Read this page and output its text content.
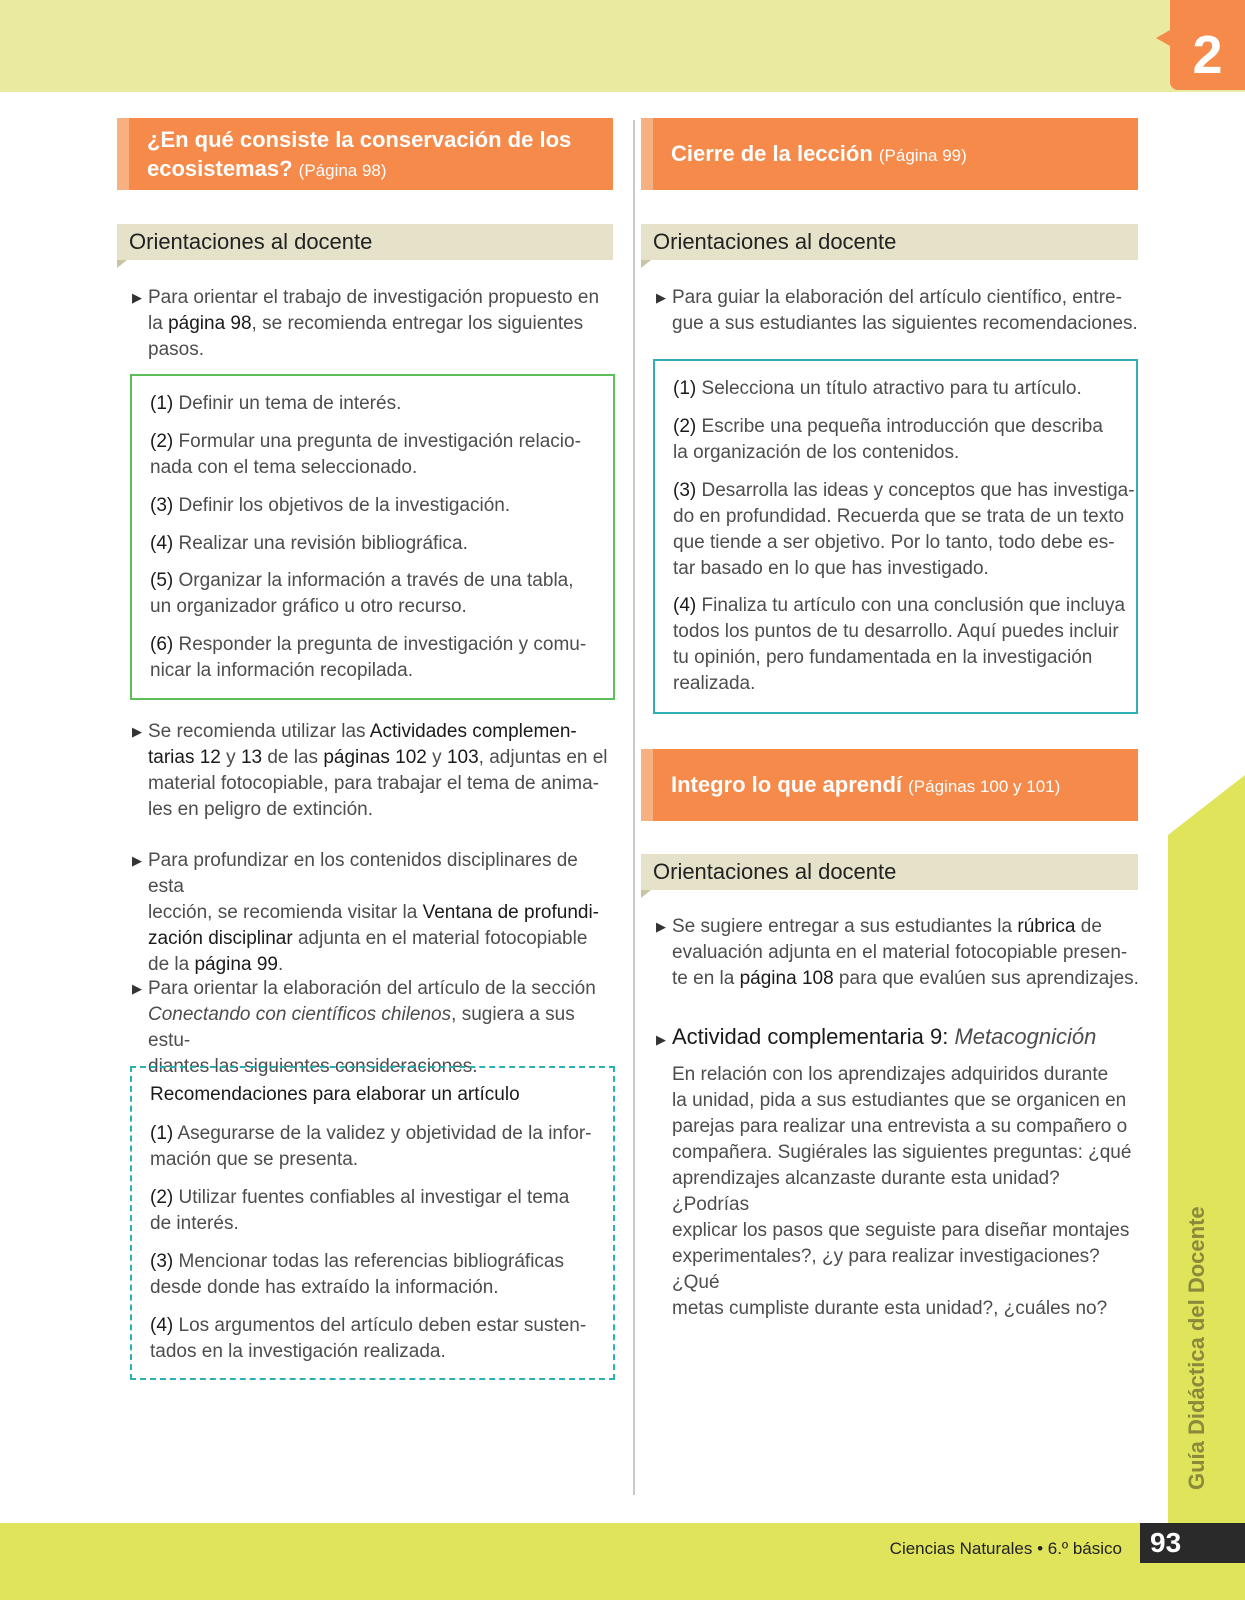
2
¿En qué consiste la conservación de los
ecosistemas? (Página 98)
Orientaciones al docente
▶ Para orientar el trabajo de investigación propuesto en
la página 98, se recomienda entregar los siguientes
pasos.
(1) Definir un tema de interés.
(2) Formular una pregunta de investigación relacio-
nada con el tema seleccionado.
(3) Definir los objetivos de la investigación.
(4) Realizar una revisión bibliográfica.
(5) Organizar la información a través de una tabla,
un organizador gráfico u otro recurso.
(6) Responder la pregunta de investigación y comu-
nicar la información recopilada.
▶ Se recomienda utilizar las Actividades complemen-
tarias 12 y 13 de las páginas 102 y 103, adjuntas en el
material fotocopiable, para trabajar el tema de anima-
les en peligro de extinción.
▶ Para profundizar en los contenidos disciplinares de esta
lección, se recomienda visitar la Ventana de profundi-
zación disciplinar adjunta en el material fotocopiable
de la página 99.
▶ Para orientar la elaboración del artículo de la sección
Conectando con científicos chilenos, sugiera a sus estu-
diantes las siguientes consideraciones.
Recomendaciones para elaborar un artículo
(1) Asegurarse de la validez y objetividad de la infor-
mación que se presenta.
(2) Utilizar fuentes confiables al investigar el tema
de interés.
(3) Mencionar todas las referencias bibliográficas
desde donde has extraído la información.
(4) Los argumentos del artículo deben estar susten-
tados en la investigación realizada.
Cierre de la lección (Página 99)
Orientaciones al docente
▶ Para guiar la elaboración del artículo científico, entre-
gue a sus estudiantes las siguientes recomendaciones.
(1) Selecciona un título atractivo para tu artículo.
(2) Escribe una pequeña introducción que describa
la organización de los contenidos.
(3) Desarrolla las ideas y conceptos que has investiga-
do en profundidad. Recuerda que se trata de un texto
que tiende a ser objetivo. Por lo tanto, todo debe es-
tar basado en lo que has investigado.
(4) Finaliza tu artículo con una conclusión que incluya
todos los puntos de tu desarrollo. Aquí puedes incluir
tu opinión, pero fundamentada en la investigación
realizada.
Integro lo que aprendí (Páginas 100 y 101)
Orientaciones al docente
▶ Se sugiere entregar a sus estudiantes la rúbrica de
evaluación adjunta en el material fotocopiable presen-
te en la página 108 para que evalúen sus aprendizajes.
▶ Actividad complementaria 9: Metacognición
En relación con los aprendizajes adquiridos durante
la unidad, pida a sus estudiantes que se organicen en
parejas para realizar una entrevista a su compañero o
compañera. Sugiérales las siguientes preguntas: ¿qué
aprendizajes alcanzaste durante esta unidad? ¿Podrías
explicar los pasos que seguiste para diseñar montajes
experimentales?, ¿y para realizar investigaciones? ¿Qué
metas cumpliste durante esta unidad?, ¿cuáles no?	Guía Didáctica del Docente
Ciencias Naturales • 6.º básico	93
